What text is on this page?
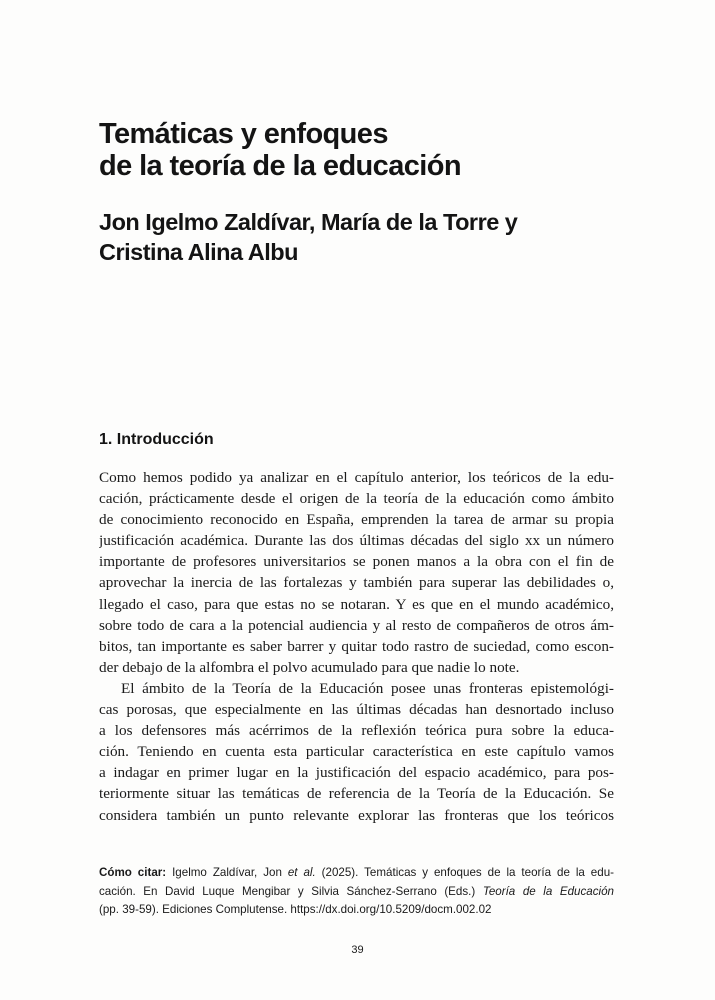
Temáticas y enfoques
de la teoría de la educación
Jon Igelmo Zaldívar, María de la Torre y
Cristina Alina Albu
1. Introducción
Como hemos podido ya analizar en el capítulo anterior, los teóricos de la edu-
cación, prácticamente desde el origen de la teoría de la educación como ámbito
de conocimiento reconocido en España, emprenden la tarea de armar su propia
justificación académica. Durante las dos últimas décadas del siglo xx un número
importante de profesores universitarios se ponen manos a la obra con el fin de
aprovechar la inercia de las fortalezas y también para superar las debilidades o,
llegado el caso, para que estas no se notaran. Y es que en el mundo académico,
sobre todo de cara a la potencial audiencia y al resto de compañeros de otros ám-
bitos, tan importante es saber barrer y quitar todo rastro de suciedad, como escon-
der debajo de la alfombra el polvo acumulado para que nadie lo note.
El ámbito de la Teoría de la Educación posee unas fronteras epistemológi-
cas porosas, que especialmente en las últimas décadas han desnortado incluso
a los defensores más acérrimos de la reflexión teórica pura sobre la educa-
ción. Teniendo en cuenta esta particular característica en este capítulo vamos
a indagar en primer lugar en la justificación del espacio académico, para pos-
teriormente situar las temáticas de referencia de la Teoría de la Educación. Se
considera también un punto relevante explorar las fronteras que los teóricos
Cómo citar: Igelmo Zaldívar, Jon et al. (2025). Temáticas y enfoques de la teoría de la edu-
cación. En David Luque Mengibar y Silvia Sánchez-Serrano (Eds.) Teoría de la Educación
(pp. 39-59). Ediciones Complutense. https://dx.doi.org/10.5209/docm.002.02
39
